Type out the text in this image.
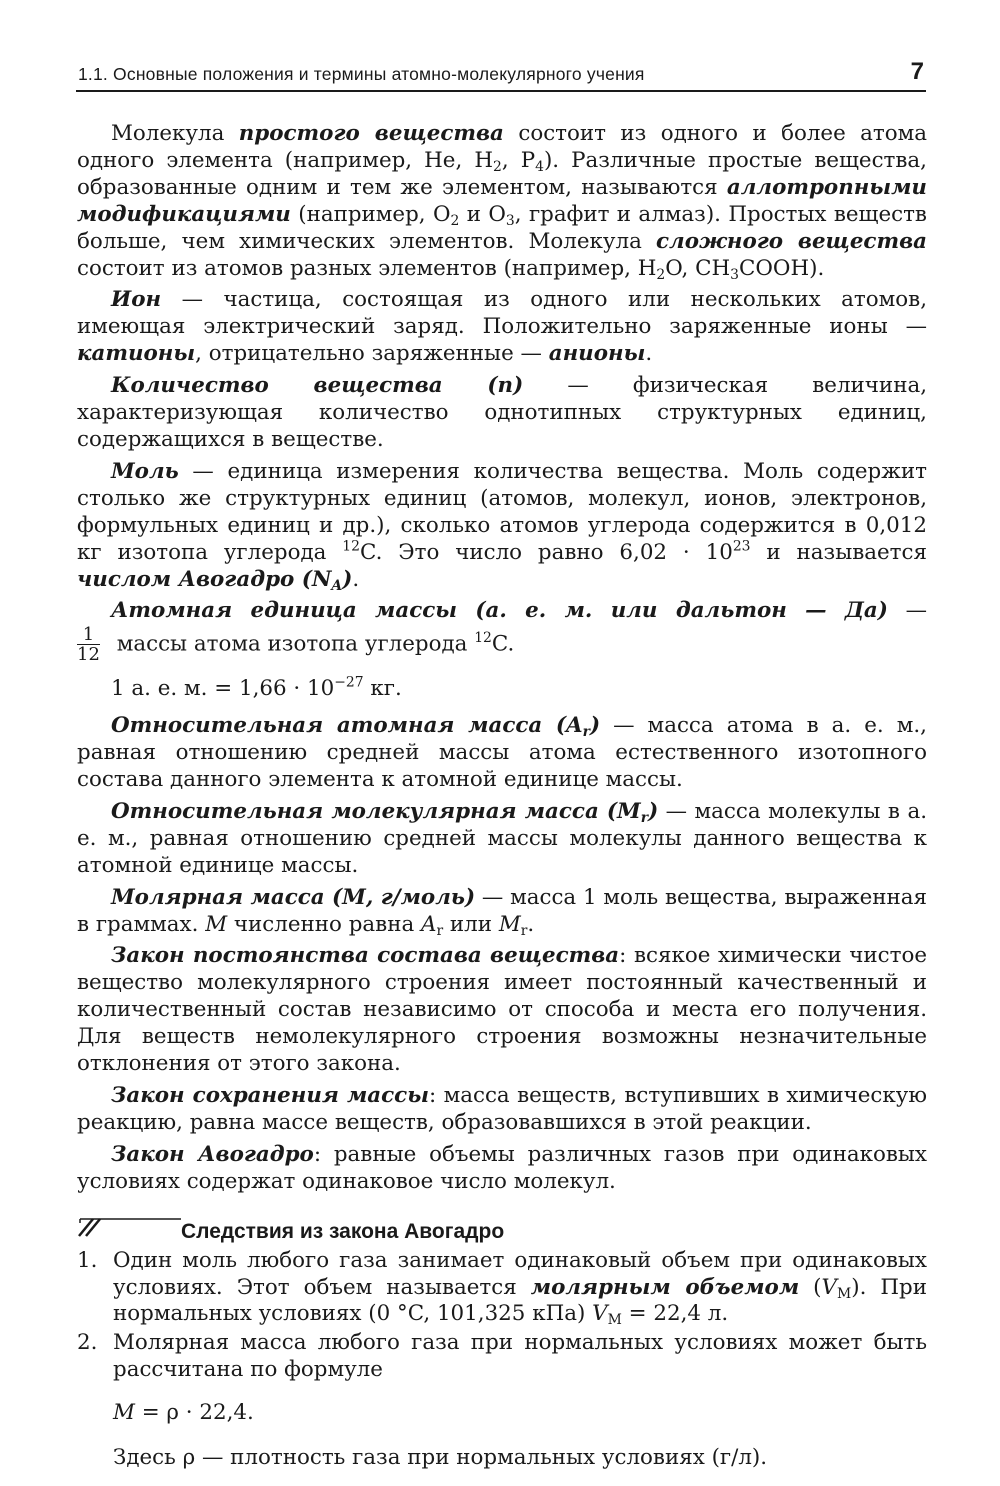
1.1. Основные положения и термины атомно-молекулярного учения	7

Молекула простого вещества состоит из одного и более атома одного элемента (например, He, $H_2$, $P_4$). Различные простые вещества, образованные одним и тем же элементом, называются аллотропными модификациями (например, $O_2$ и $O_3$, графит и алмаз). Простых веществ больше, чем химических элементов. Молекула сложного вещества состоит из атомов разных элементов (например, $H_2O$, $CH_3COOH$).

Ион — частица, состоящая из одного или нескольких атомов, имеющая электрический заряд. Положительно заряженные ионы — катионы, отрицательно заряженные — анионы.

Количество вещества (n) — физическая величина, характеризующая количество однотипных структурных единиц, содержащихся в веществе.

Моль — единица измерения количества вещества. Моль содержит столько же структурных единиц (атомов, молекул, ионов, электронов, формульных единиц и др.), сколько атомов углерода содержится в 0,012 кг изотопа углерода $^{12}$C. Это число равно $6,02 \cdot 10^{23}$ и называется числом Авогадро $(N_A)$.

Атомная единица массы (а. е. м. или дальтон — Да) —

$\frac{1}{12}$ массы атома изотопа углерода $^{12}$C.

1 а. е. м. = $1,66 \cdot 10^{-27}$ кг.

Относительная атомная масса $(A_r)$ — масса атома в а. е. м., равная отношению средней массы атома естественного изотопного состава данного элемента к атомной единице массы.

Относительная молекулярная масса $(M_r)$ — масса молекулы в а. е. м., равная отношению средней массы молекулы данного вещества к атомной единице массы.

Молярная масса (M, г/моль) — масса 1 моль вещества, выраженная в граммах. M численно равна $A_r$ или $M_r$.

Закон постоянства состава вещества: всякое химически чистое вещество молекулярного строения имеет постоянный качественный и количественный состав независимо от способа и места его получения. Для веществ немолекулярного строения возможны незначительные отклонения от этого закона.

Закон сохранения массы: масса веществ, вступивших в химическую реакцию, равна массе веществ, образовавшихся в этой реакции.

Закон Авогадро: равные объемы различных газов при одинаковых условиях содержат одинаковое число молекул.

Следствия из закона Авогадро
1. Один моль любого газа занимает одинаковый объем при одинаковых условиях. Этот объем называется молярным объемом $(V_M)$. При нормальных условиях (0 °C, 101,325 кПа) $V_M = 22,4$ л.
2. Молярная масса любого газа при нормальных условиях может быть рассчитана по формуле
M = ρ · 22,4.

Здесь ρ — плотность газа при нормальных условиях (г/л).
